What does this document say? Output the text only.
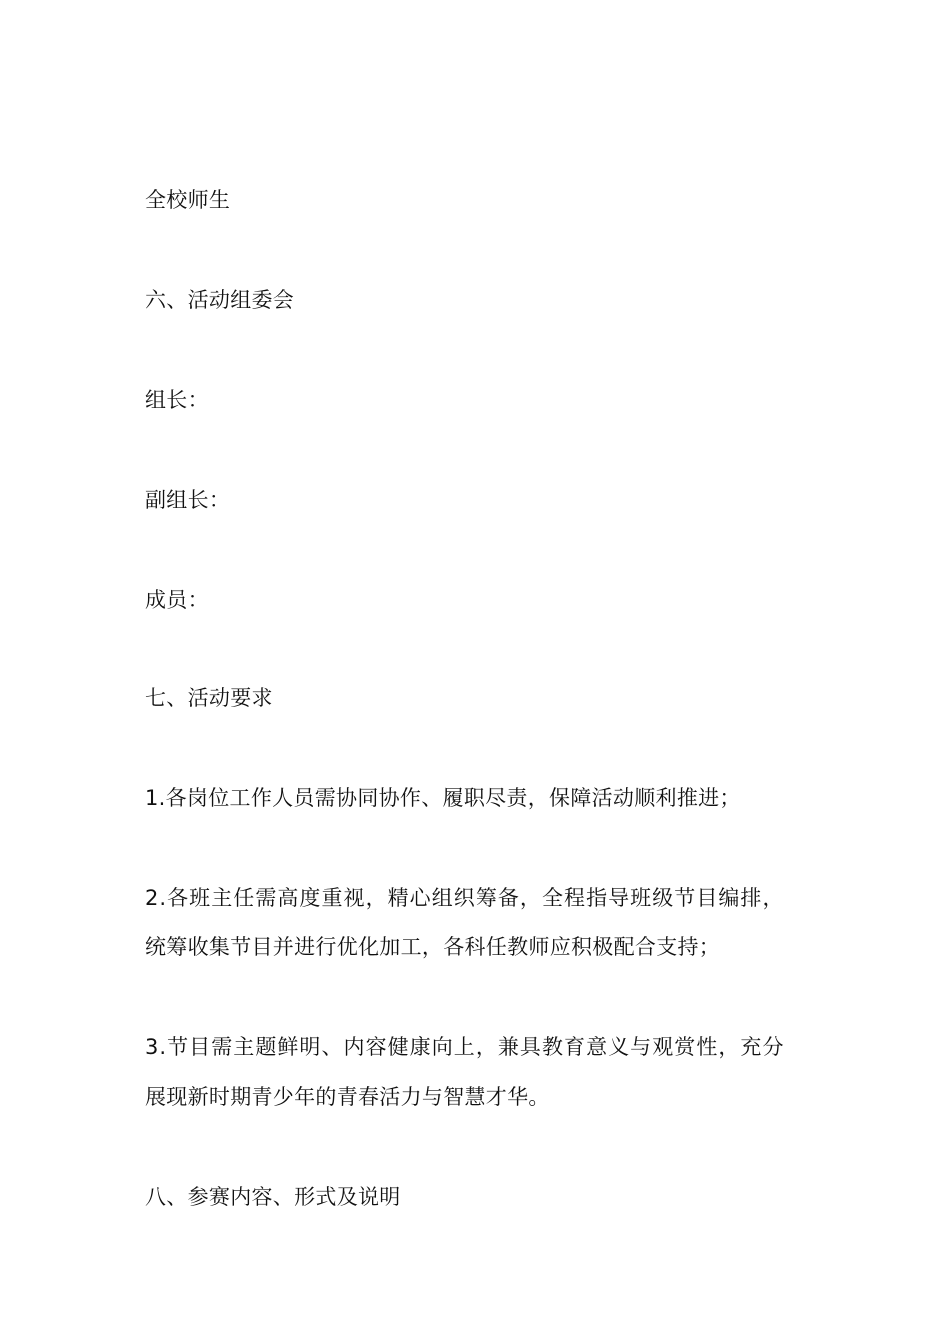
全校师生
六、活动组委会
组长：
副组长：
成员：
七、活动要求
1.各岗位工作人员需协同协作、履职尽责，保障活动顺利推进；
2.各班主任需高度重视，精心组织筹备，全程指导班级节目编排，
统筹收集节目并进行优化加工，各科任教师应积极配合支持；
3.节目需主题鲜明、内容健康向上，兼具教育意义与观赏性，充分
展现新时期青少年的青春活力与智慧才华。
八、参赛内容、形式及说明
